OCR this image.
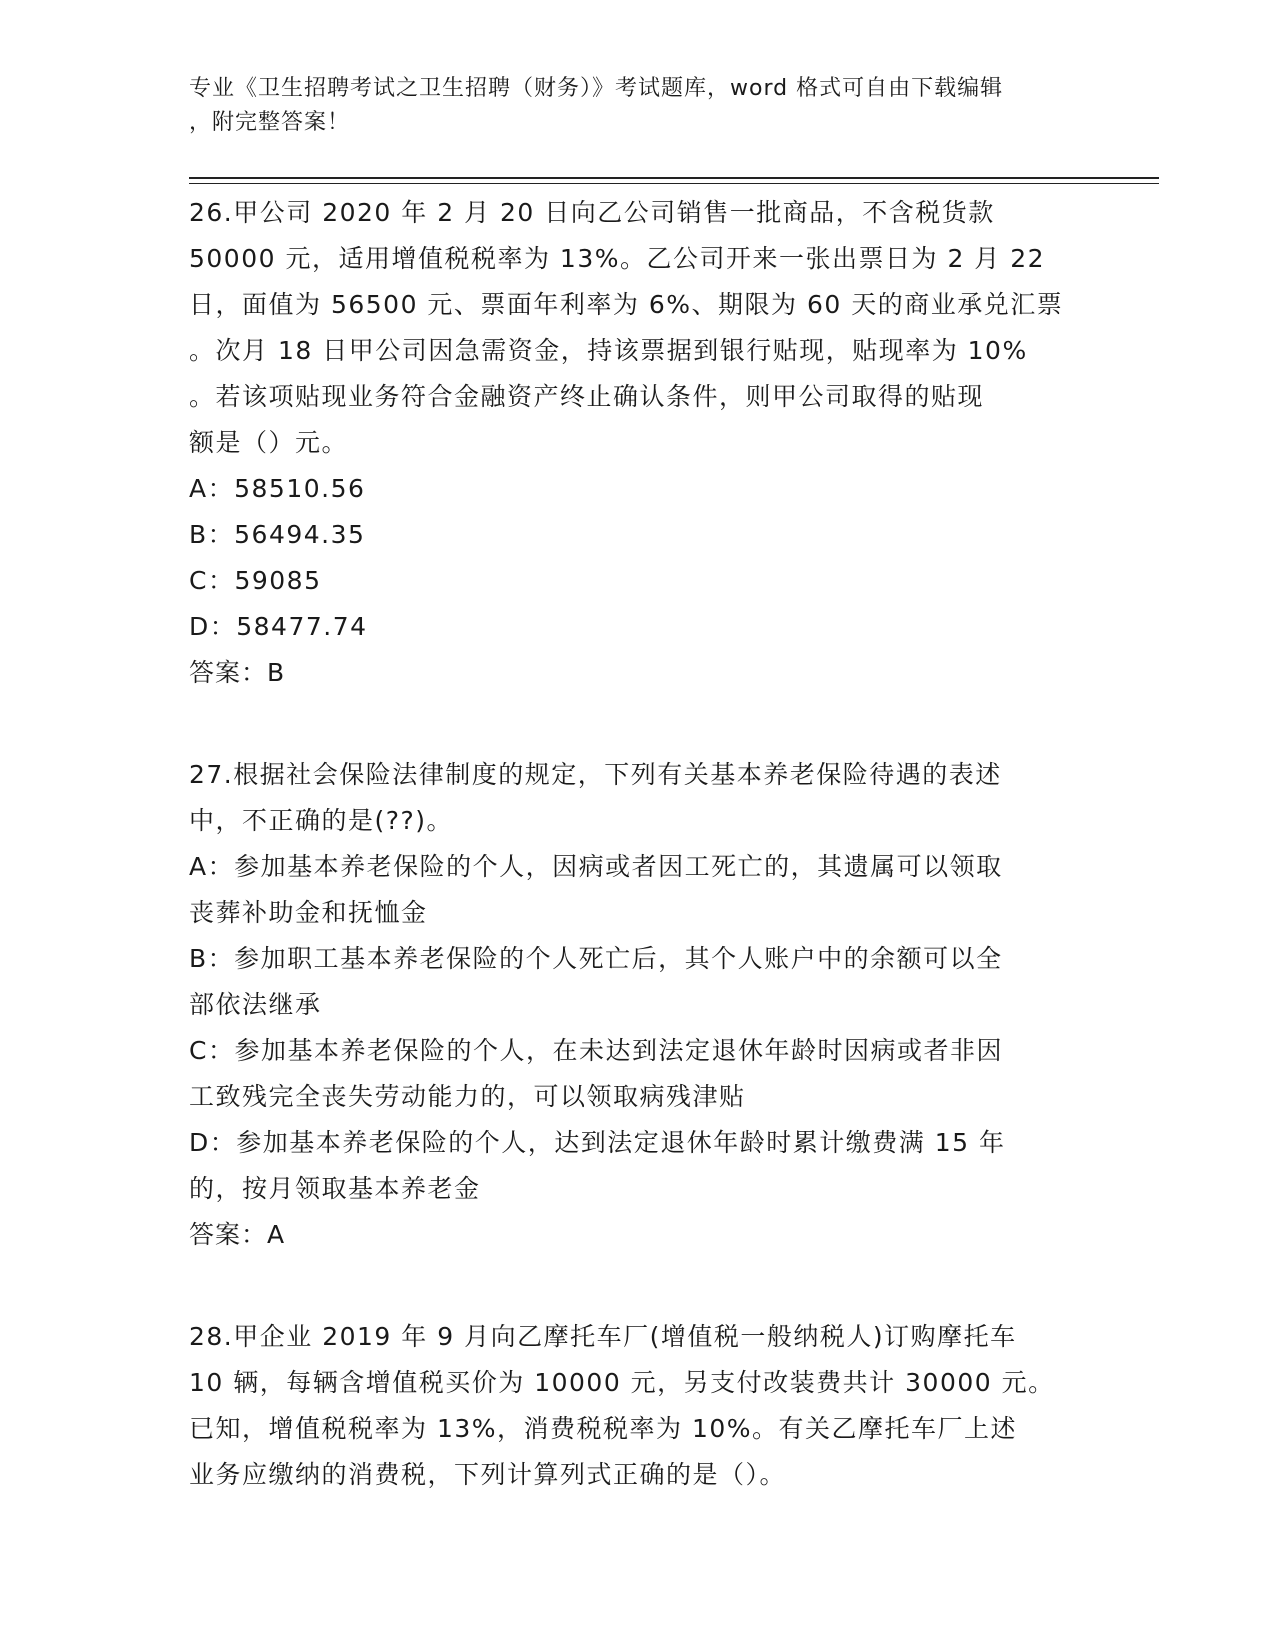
专业《卫生招聘考试之卫生招聘（财务）》考试题库，word 格式可自由下载编辑
，附完整答案！
26.甲公司 2020 年 2 月 20 日向乙公司销售一批商品，不含税货款
50000 元，适用增值税税率为 13%。乙公司开来一张出票日为 2 月 22
日，面值为 56500 元、票面年利率为 6%、期限为 60 天的商业承兑汇票
。次月 18 日甲公司因急需资金，持该票据到银行贴现，贴现率为 10%
。若该项贴现业务符合金融资产终止确认条件，则甲公司取得的贴现
额是（）元。
A：58510.56
B：56494.35
C：59085
D：58477.74
答案：B
27.根据社会保险法律制度的规定，下列有关基本养老保险待遇的表述
中，不正确的是(??)。
A：参加基本养老保险的个人，因病或者因工死亡的，其遗属可以领取
丧葬补助金和抚恤金
B：参加职工基本养老保险的个人死亡后，其个人账户中的余额可以全
部依法继承
C：参加基本养老保险的个人，在未达到法定退休年龄时因病或者非因
工致残完全丧失劳动能力的，可以领取病残津贴
D：参加基本养老保险的个人，达到法定退休年龄时累计缴费满 15 年
的，按月领取基本养老金
答案：A
28.甲企业 2019 年 9 月向乙摩托车厂(增值税一般纳税人)订购摩托车
10 辆，每辆含增值税买价为 10000 元，另支付改装费共计 30000 元。
已知，增值税税率为 13%，消费税税率为 10%。有关乙摩托车厂上述
业务应缴纳的消费税，下列计算列式正确的是（）。
